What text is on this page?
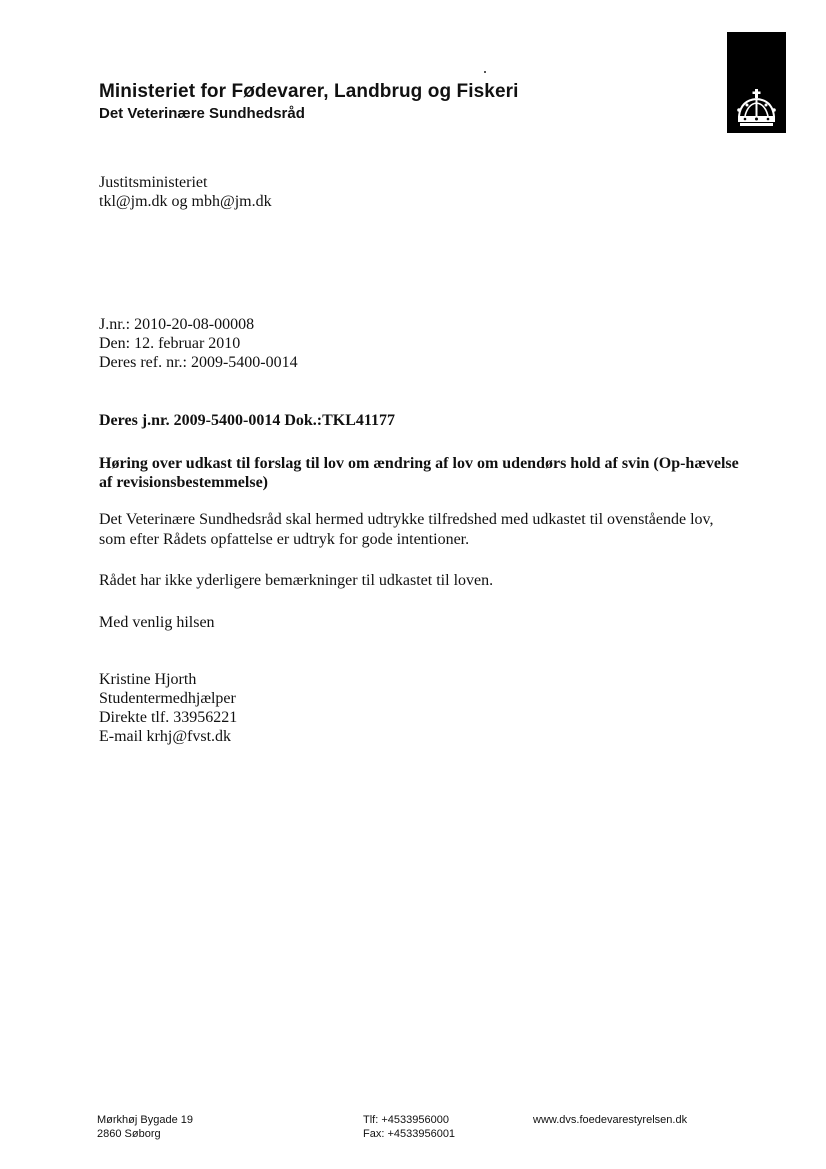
Ministeriet for Fødevarer, Landbrug og Fiskeri
Det Veterinære Sundhedsråd
Justitsministeriet
tkl@jm.dk og mbh@jm.dk
J.nr.: 2010-20-08-00008
Den: 12. februar 2010
Deres ref. nr.: 2009-5400-0014
Deres j.nr. 2009-5400-0014 Dok.:TKL41177
Høring over udkast til forslag til lov om ændring af lov om udendørs hold af svin (Op-hævelse af revisionsbestemmelse)
Det Veterinære Sundhedsråd skal hermed udtrykke tilfredshed med udkastet til ovenstående lov, som efter Rådets opfattelse er udtryk for gode intentioner.
Rådet har ikke yderligere bemærkninger til udkastet til loven.
Med venlig hilsen
Kristine Hjorth
Studentermedhjælper
Direkte tlf. 33956221
E-mail krhj@fvst.dk
Mørkhøj Bygade 19
2860 Søborg
Tlf: +4533956000
Fax: +4533956001
www.dvs.foedevarestyrelsen.dk
